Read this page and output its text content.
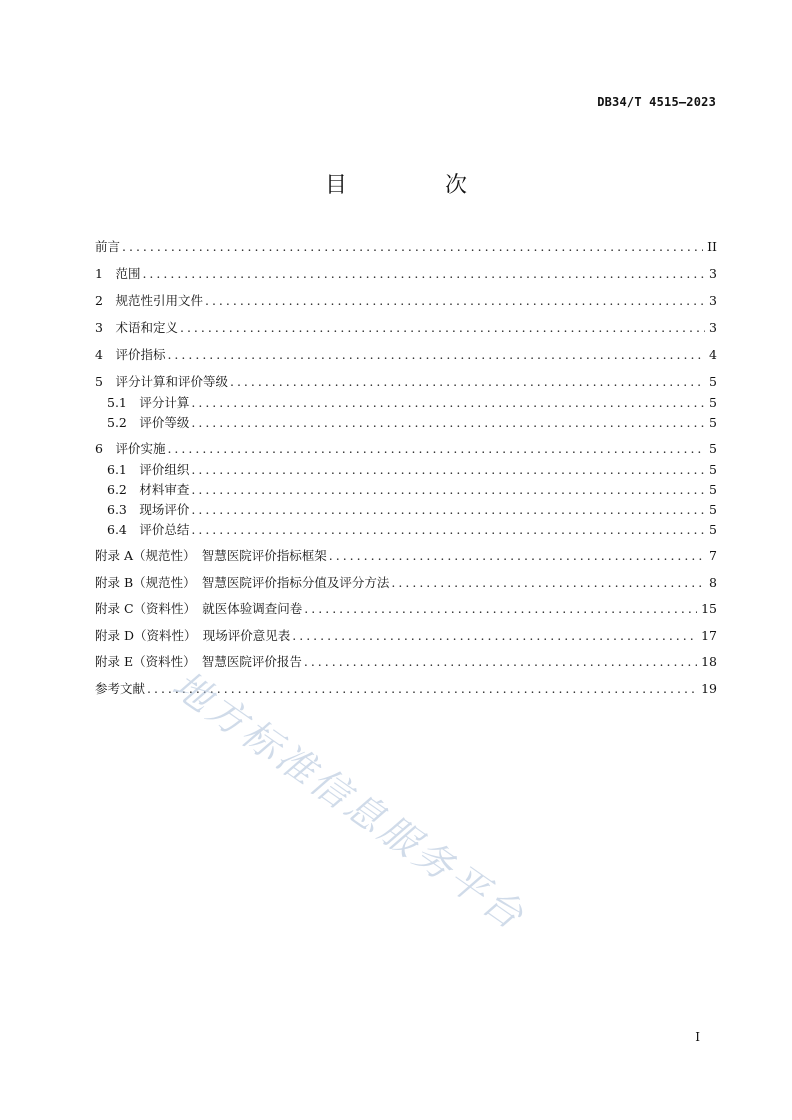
DB34/T 4515—2023
目　次
前言 .....	II
1　范围 .....	3
2　规范性引用文件 .....	3
3　术语和定义 .....	3
4　评价指标 .....	4
5　评分计算和评价等级 .....	5
5.1　评分计算 .....	5
5.2　评价等级 .....	5
6　评价实施 .....	5
6.1　评价组织 .....	5
6.2　材料审查 .....	5
6.3　现场评价 .....	5
6.4　评价总结 .....	5
附录 A（规范性）　智慧医院评价指标框架 .....	7
附录 B（规范性）　智慧医院评价指标分值及评分方法 .....	8
附录 C（资料性）　就医体验调查问卷 .....	15
附录 D（资料性）　现场评价意见表 .....	17
附录 E（资料性）　智慧医院评价报告 .....	18
参考文献 .....	19
地方标准信息服务平台
I
